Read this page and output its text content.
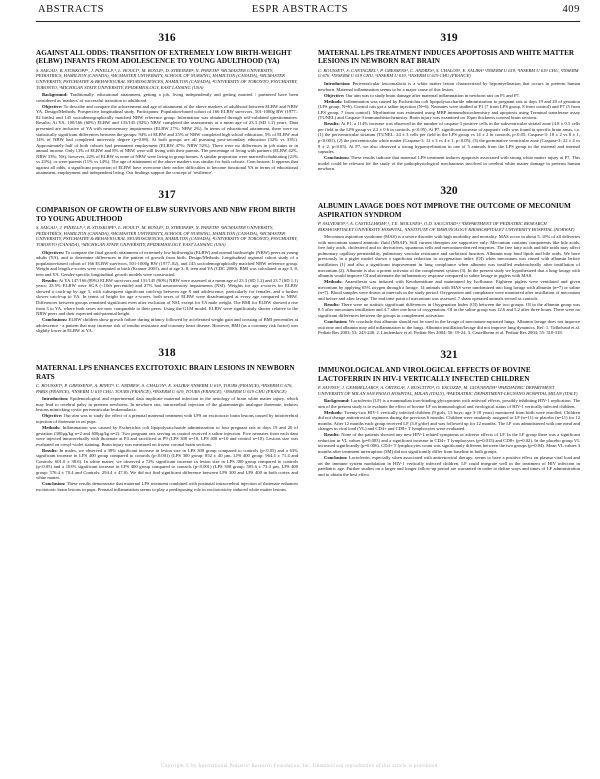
ABSTRACTS	ESPR ABSTRACTS	409
316
AGAINST ALL ODDS: TRANSITION OF EXTREMELY LOW BIRTH-WEIGHT (ELBW) INFANTS FROM ADOLESCENCE TO YOUNG ADULTHOOD (YA)
S. SAIGAL¹, B. STOSKOPF¹, J. PINELLI¹,², L. HOULT¹, M. BOYLE³, D. STREINER⁴, N. PANETH⁵ ¹MCMASTER UNIVERSITY, PEDIATRICS, HAMILTON (CANADA), ²MCMASTER UNIVERSITY, SCHOOL OF NURSING, HAMILTON (CANADA), ³MCMASTER UNIVERSITY, PSYCHIATRY & BEHAVIOURAL NEUROSCIENCES, HAMILTON (CANADA), ⁴UNIVERSITY OF TORONTO, PSYCHIATRY, TORONTO, ⁵MICHIGAN STATE UNIVERSITY, EPIDEMIOLOGY, EAST LANSING (USA)

Background: Traditionally, educational attainment, getting a job, living independently and getting married / partnered have been considered as 'markers' of successful transition to adulthood.

Objective: To describe and compare the achievement and age of attainment of the above markers of adulthood between ELBW and NBW YA. Design/Methods: Prospective longitudinal study. Participants: Population-based cohort of 166 ELBW survivors, 501-1000g BW (1977–82 births) and 145 sociodemographically matched NBW reference group. Information was obtained through self-validated questionnaires. Results: At YA, 100/166 (60%) ELBW and 133/145 (92%) NBW completed the assessments at a mean age of 23.3 (SD 1.2) years. Data presented are inclusive of YA with neurosensory impairments (ELBW 27%; NBW 2%). In terms of educational attainment, there were no statistically significant differences between the groups: 94% of ELBW and 25% of NBW completed high school education; 5% of ELBW and 14% of NBW had completed university degree (p=0.08). At both groups are all pursuing post-secondary education (32% vs 33%). Approximately half of both cohorts had permanent employment (ELBW 47%; NBW 52%). There were no differences in job status or in annual income. Only 13% of ELBW and 8% of NBW were still living with their parents. The percentage of living with partners (ELBW 42%, NBW 33%; NS), however, 22% of ELBW vs none of NBW were living in group homes. A similar proportion were married/cohabitating (21% vs 23%), or were parents (11% vs 14%). The age of attainment of the above markers was similar for both cohorts. Conclusions: It appears that against all odds, a significant proportion of ELBW have overcome their earlier difficulties to become functional YA in terms of educational attainment, employment and independent living. Our findings support the concept of 'resilience'.

317
COMPARISON OF GROWTH OF ELBW SURVIVORS AND NBW FROM BIRTH TO YOUNG ADULTHOOD
S. SAIGAL¹, J. PINELLI¹,², B. STOSKOPF¹, L. HOULT¹, M. BOYLE³, D. STREINER⁴, N. PANETH⁵ ¹MCMASTER UNIVERSITY, PEDIATRICS, HAMILTON (CANADA), ²MCMASTER UNIVERSITY, SCHOOL OF NURSING, HAMILTON (CANADA), ³MCMASTER UNIVERSITY, PSYCHIATRY & BEHAVIOURAL NEUROSCIENCES, HAMILTON (CANADA), ⁴UNIVERSITY OF TORONTO, PSYCHIATRY, TORONTO (CANADA), ⁵MICHIGAN STATE UNIVERSITY, EPIDEMIOLOGY, EAST LANSING (USA)

Objectives: To compare the final growth attainment of extremely low birthweight (ELBW) and normal birthweight (NBW) peers as young adults (YA), and to determine differences in the pattern of growth from birth. Design/Methods: Longitudinal regional cohort study of a population-based cohort of 166 ELBW survivors, 501-1000g BW (1977–82), and 145 sociodemographically matched NBW reference group. Weight and length z-scores were computed at birth (Kramer 2001), and at age 3, 8, teen and YA (CDC 2000). BMI was calculated at age 3, 8, teen and YA. Gender-specific longitudinal growth models were constructed.

Results: At YA 147/166 (89%) ELBW survivors and 131/145 (90%) NBW were assessed at a mean age of 23.3 (SD 1.2) and 23.7 (SD 1.1) years; 23.5% ELBW were SGA (<10th percentile) and 27% had neurosensory impairments (NSI). Weights for age z-scores for ELBW showed a catch-up by age 3, with subsequent significant catch-up between age 8 and adolescence, particularly for females, and a further slower catch-up to YA. In terms of height for age z-scores, both sexes of ELBW were disadvantaged at every age compared to NBW. Differences between groups remained significant even after exclusion of NSI, except for YA male weight. The BMI for ELBW showed a rise from 3 to YA, where both sexes are now comparable to their peers. Using the GLM model, ELBW were significantly shorter relative to the NBW peers and their expected mid-parental height.

Conclusions: ELBW children show growth failure during infancy followed by accelerated weight gain and crossing of BMI percentiles at adolescence - a pattern that may increase risk of insulin resistance and coronary heart disease. However, BMI (as a coronary risk factor) was slightly lower in ELBW at YA.

318
MATERNAL LPS ENHANCES EXCITOTOXIC BRAIN LESIONS IN NEWBORN RATS
C. ROUSSET¹, P. GRESSENS², A. BINET³, C. ANDRES¹, S. CHALON¹, E. SALIBA¹ ¹INSERM U 619, TOURS (FRANCE), ²INSERM U 676, PARIS (FRANCE), ³INSERM U 619 CHU, TOURS (FRANCE), ⁴INSERM U 619, TOURS (FRANCE), ⁵INSERM U 619 CHU (FRANCE)

Introduction: Epidemiological and experimental data implicate maternal infection in the aetiology of brain white matter injury, which may lead to cerebral palsy in preterm newborns. In newborn rats, intracerebral injection of the glutamatergic analogue ibotenate, induces lesions mimicking cystic periventricular leukomalacia.

Objective: Our aim was to study the effect of a prenatal maternal treatment with LPS on excitotoxic brain lesions caused by intracerebral injection of ibotenate in rat pups.

Methods: Inflammation was caused by Escherichia coli lipopolysaccharide administration to four pregnant rats at days 19 and 20 of gestation (300µg/kg n=2 and 400µg/kg n=2). Two pregnant rats serving as control received a saline injection. Five neonates from each dam were injected intracerebrally with ibotenate at P4 and sacrificed at P9 (LPS 300 n=10, LPS 400 n=10 and control n=10). Lesions size was evaluated on cresyl-violet staining. Brain injury was measured on frozen coronal brain sections.

Results: In males, we observed a 38% significant increase in lesion size in LPS 300 group compared to controls (p<0.05) and a 63% significant increase in LPS 400 group compared to controls (p<0.001) (LPS 300 group: 852 ± 40 µm, LPS 400 group: 964.4 ± 71.4 and Controls: 601.0 ± 38.6). In white matter, we observed a 72% significant increase in lesion size in LPS 300 group compared to controls (p<0.05) and a 103% significant increase in LPS 400 group compared to controls (p<0.001) (LPS 300 group: 505.6 ± 73.4 µm, LPS 400 group: 576.4 ± 70.4 and Controls: 294.4 ± 47.0). We did not find significant difference between LPS 300 and LPS 400 in both cortex and white matter.

Conclusion: These results demonstrate that maternal LPS treatment combined with postnatal intracerebral injection of ibotenate enhances excitotoxic brain lesions in pups. Prenatal inflammation seems to play a predisposing role in excitotoxicity induced white matter lesions.

319
MATERNAL LPS TREATMENT INDUCES APOPTOSIS AND WHITE MATTER LESIONS IN NEWBORN RAT BRAIN
C. ROUSSET¹, S. CANTAGREL¹, P. GRESSENS², C. ANDRES¹, S. CHALON¹, E. SALIBA¹ ¹INSERM U 619, ²INSERM U 619 CHU, ³INSERM U 676, ⁴INSERM U 619 CHU, ⁵INSERM U 619, ⁶INSERM U 619 CHU (FRANCE)

Introduction: Periventricular leucomalacia is a white matter lesion characterized by hypomyelination that occurs in preterm human newborn. Maternal inflammation seems to be a major cause of this lesion.

Objective: Our aim was to study brain damage after maternal inflammation in newborn rats on P1 and P7.

Methods: Inflammation was caused by Escherichia coli lipopolysaccharide administration to pregnant rats at days 19 and 20 of gestation (LPS group, N=6). Control rats got a saline injection (N=6). Neonates were studied at P1 (7 from LPS group, 8 from control) and P7 (5 from LPS group, 7 from control). Myelination was estimated using MBP immunohistochemistry and apoptosis using Terminal transferase assay (TUNEL) and Caspase-3 immunohistochemistry. Brain injury was examined on 10µm thickness coronal brain sections.

Results: At P1, a 114% increase was observed in the number of caspase-3 positive cells in the subventricular striatal zone (4.8 ± 0.5 cells per field in the LPS group vs 2.2 ± 0.6 in controls, p<0.05). At P7, significant increase of apoptotic cells was found in specific brain areas, i.e. (1) the periventricular striatum (TUNEL: 24 ± 3 cells per field in the LPS group vs 14 ± 2 in controls, p<0.05; Caspase-3: 18 ± 2 vs 8 ± 1, p<0.001), (2) the periventricular white matter (Caspase-3: 12 ± 3 vs 4 ± 1, p<0.05), (3) the germinative ventricular zone (Caspase-3: 22 ± 4 vs 9 ± 2, p<0.05). At P7, we also observed a strong hypomyelination in one of 5 animals from the LPS group in the external and internal capsules.

Conclusions: These results indicate that maternal LPS treatment induces apoptosis associated with strong white matter injury at P7. This model could be relevant for the study of the pathophysiological mechanisms involved in cerebral white matter damage in preterm human newborn.

320
ALBUMIN LAVAGE DOES NOT IMPROVE THE OUTCOME OF MECONIUM ASPIRATION SYNDROM
P. SALVESEN¹,², A. CASTELLHEIM¹,³, T.E. MOLLNES³, O.D. SAUGSTAD¹,² ¹DEPARTMENT OF PEDIATRIC RESEARCH RIKSHOSPITALET UNIVERSITY HOSPITAL, ²INSTITUTE OF IMMUNOLOGY RIKSHOSPITALET UNIVERSITY HOSPITAL (NORWAY)

Meconium aspiration syndrome (MAS) is a severe disorder with high morbidity and mortality. MAS occur in about 5–10% of all deliveries with meconium stained amniotic fluid (MSAF). Still current therapies are supportive only. Meconium contains components like bile acids, free fatty acids, cholesterol and its derivatives, squamous cells and meconium-derived enzymes. The free fatty acids and bile acids may affect pulmonary capillary permeability, pulmonary vascular resistance and surfactant function. Albumin may bind lipids and bile acids. We have previously in a piglet model shown a significant reduction in oxygenation index (OI) when meconium was rinsed with albumin before instillation (1) and also a significant improvement in lung compliance when albumin was instilled endotracheally after instillation of meconium (2). Albumin is also a potent activator of the complement system (3). In the present study we hypothesized that a lung-lavage with albumin would improve OI and attenuate the inflammatory response compared to saline lavage in piglets with MAS.

Methods: Anaesthesia was induced with Ketobemidone and maintained by Isoflurane. Eighteen piglets were ventilated and given meconium by applying 65% oxygen through a lavage. 14 animals with MAS were randomized into lung lavage with albumin (n=7) or saline (n=7). Blood samples were drawn at intervals in the study period. Oxygenation and compliance were monitored after instillation of meconium and before and after lavage. The end time point of meconium was assessed. 7 sham operated animals served as controls.

Results: There were no statistic significant differences in Oxygenation Index (OI) between the two groups. OI in the albumin group was 8.5 after meconium instillation and 4.7 after one hour of oxygenation. OI in the saline group was 12.6 and 5.2 after three hours. There were no significant differences between the groups in complement activation.

Conclusion: We conclude that albumin should not be used in the lavage of meconium-aspirated lungs. Albumin lavage does not improve outcome and albumin may add inflammation to the lungs. Albumin instillation/lavage did not improve lung dynamics. Ref: 1. Tølløfsrud et al. Pediatr Res 2003; 53: 243-246. 2. Lindenskov et al. Pediatr Res 2004; 56: 19-24. 3. Castellheim et al. Pediatr Res 2004; 55: 310-318.

321
IMMUNOLOGICAL AND VIROLOGICAL EFFECTS OF BOVINE LACTOFERRIN IN HIV-1 VERTICALLY INFECTED CHILDREN
F. SAVINO¹, J. GEMMELLARO², A. ORTEGA³, J. RUSCITTO¹, O. ESCOZZI¹, M. GIOVANNINI³ ¹PAEDIATRIC DEPARTMENT UNIVERSITY OF MILAN SAN PAOLO HOSPITAL, MILAN (ITALY), ²PAEDIATRIC DEPARTMENT-LEGNANO HOSPITAL MILAN (ITALY)

Background: Lactoferrin (LF) is a mammalian iron-binding glycoprotein with antiviral effects, possibly inhibiting HIV-1 replication. The aim of the present study is to evaluate the effect of bovine LF on immunological and virological status of HIV-1 vertically infected children.

Methods: Twenty-two HIV-1 vertically infected children (9 girls, 13 boys; age 3-18 years) monitored from birth were enrolled. Children did not change antiretroviral regimens during the previous 6 months. Children were randomly assigned to LF (n=11) or placebo (n=11) for 12 months. After 12 months each group received LF (3.0 g/die) and was followed up for 12 months. The LF was administered with one meal and changes in viral load (VL) and CD4+ and CD8+ T lymphocytes were evaluated.

Results: None of the patients showed any new HIV-1 related symptoms or adverse effects of LF. In the LF group there was a significant reduction in VL values (p=0.003) and a significant increase in CD4+ T lymphocytes (p=0.015) and CD8+ (p=0.02). In the placebo group VL increased significantly (p=0.006). CD4+ T lymphocytes count was significantly different between the two groups (p=0.04). Mean VL values 3 months after treatment interruption (3M) did not significantly differ from baseline in both groups.

Conclusion: Lactoferrin, especially when associated with antiretroviral therapy, seems to have a positive effect on plasma viral load and on the immune system modulation in HIV-1 vertically infected children. LF could integrate well in the treatment of HIV infection in paediatric age. Further studies on a larger and longer follow-up period are warranted in order to define ways and times of LF administration and to obtain the best effect.

Copyright © by International Pediatric Research Foundation, Inc. Unauthorized reproduction of this article is prohibited.
